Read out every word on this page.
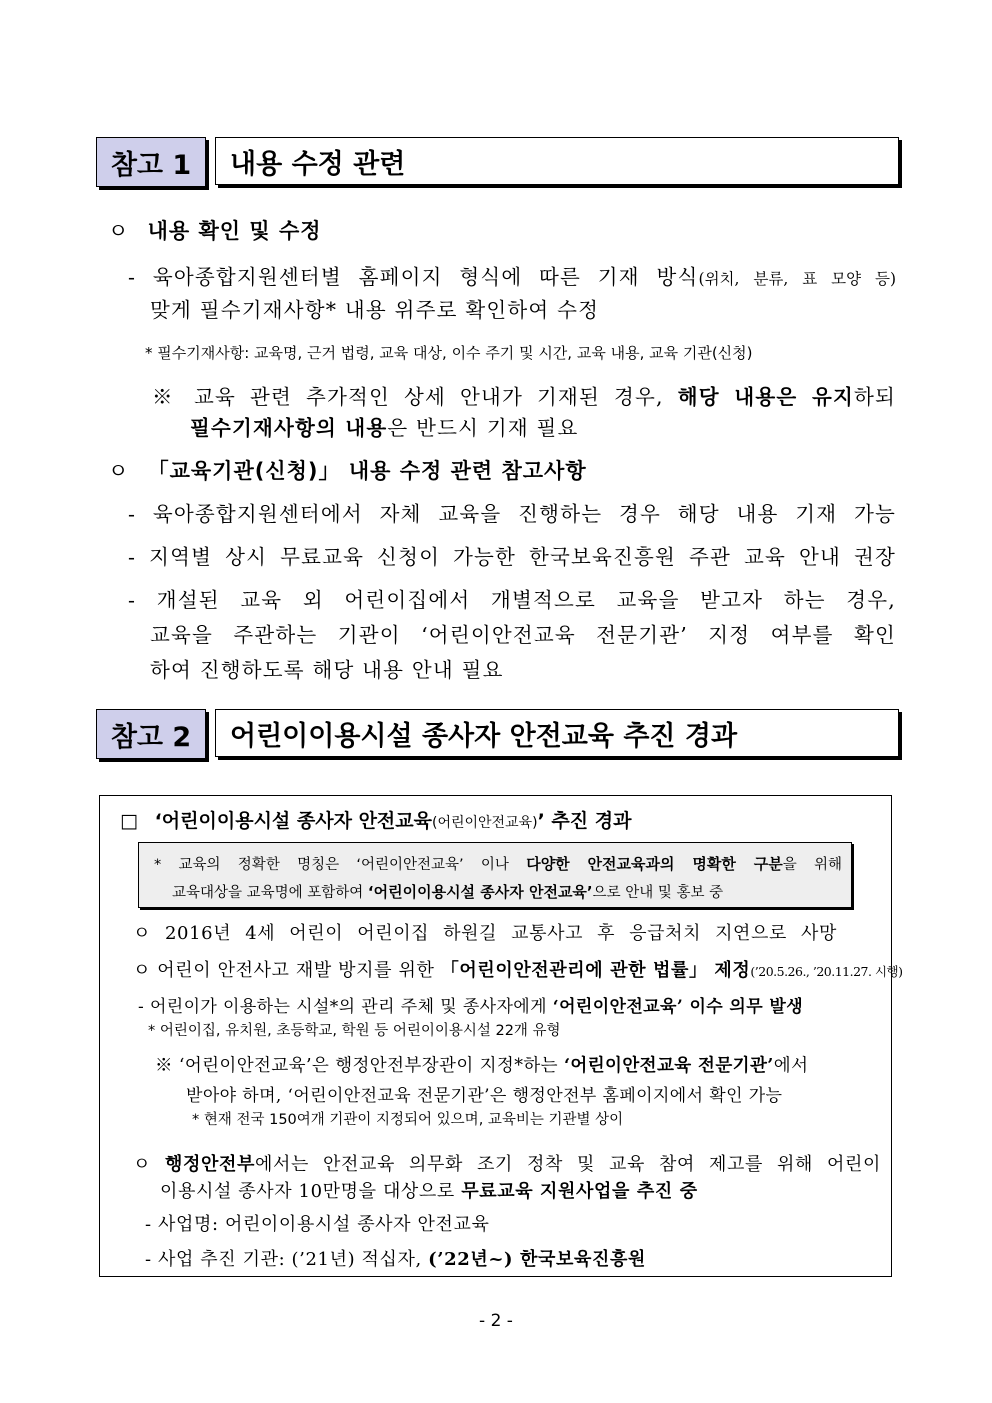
참고 1 내용 수정 관련
ㅇ 내용 확인 및 수정
- 육아종합지원센터별 홈페이지 형식에 따른 기재 방식(위치, 분류, 표 모양 등)
맞게 필수기재사항* 내용 위주로 확인하여 수정
* 필수기재사항: 교육명, 근거 법령, 교육 대상, 이수 주기 및 시간, 교육 내용, 교육 기관(신청)
※ 교육 관련 추가적인 상세 안내가 기재된 경우, 해당 내용은 유지하되
필수기재사항의 내용은 반드시 기재 필요
ㅇ 「교육기관(신청)」 내용 수정 관련 참고사항
- 육아종합지원센터에서 자체 교육을 진행하는 경우 해당 내용 기재 가능
- 지역별 상시 무료교육 신청이 가능한 한국보육진흥원 주관 교육 안내 권장
- 개설된 교육 외 어린이집에서 개별적으로 교육을 받고자 하는 경우,
교육을 주관하는 기관이 ‘어린이안전교육 전문기관’ 지정 여부를 확인
하여 진행하도록 해당 내용 안내 필요
참고 2 어린이이용시설 종사자 안전교육 추진 경과
□ ‘어린이이용시설 종사자 안전교육(어린이안전교육)’ 추진 경과
* 교육의 정확한 명칭은 ‘어린이안전교육’ 이나 다양한 안전교육과의 명확한 구분을 위해
교육대상을 교육명에 포함하여 ‘어린이이용시설 종사자 안전교육’으로 안내 및 홍보 중
ㅇ 2016년 4세 어린이 어린이집 하원길 교통사고 후 응급처치 지연으로 사망
ㅇ 어린이 안전사고 재발 방지를 위한 「어린이안전관리에 관한 법률」 제정(’20.5.26., ’20.11.27. 시행)
- 어린이가 이용하는 시설*의 관리 주체 및 종사자에게 ‘어린이안전교육’ 이수 의무 발생
* 어린이집, 유치원, 초등학교, 학원 등 어린이이용시설 22개 유형
※ ‘어린이안전교육’은 행정안전부장관이 지정*하는 ‘어린이안전교육 전문기관’에서
받아야 하며, ‘어린이안전교육 전문기관’은 행정안전부 홈페이지에서 확인 가능
* 현재 전국 150여개 기관이 지정되어 있으며, 교육비는 기관별 상이
ㅇ 행정안전부에서는 안전교육 의무화 조기 정착 및 교육 참여 제고를 위해 어린이
이용시설 종사자 10만명을 대상으로 무료교육 지원사업을 추진 중
- 사업명: 어린이이용시설 종사자 안전교육
- 사업 추진 기관: (’21년) 적십자, (’22년~) 한국보육진흥원
- 2 -
